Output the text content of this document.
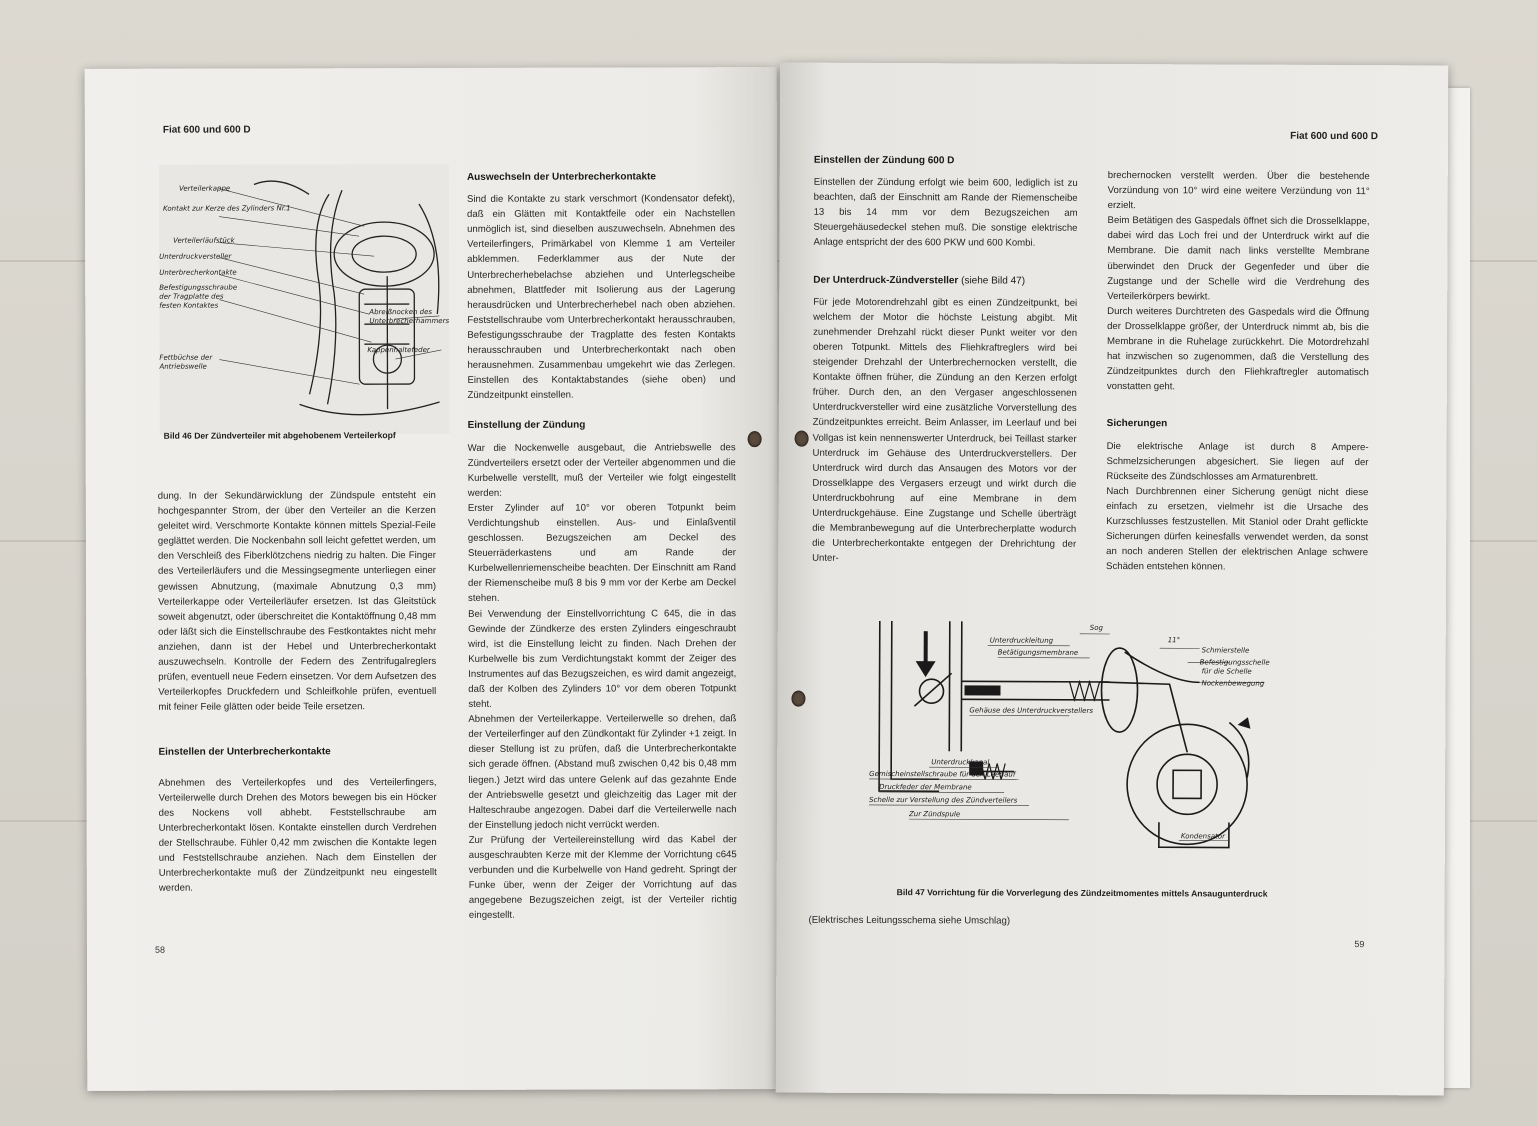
Fiat 600 und 600 D
Verteilerkappe
Kontakt zur Kerze des Zylinders Nr.1
Verteilerläufstück
Unterdruckversteller
Unterbrecherkontakte
Befestigungsschraube
der Tragplatte des
festen Kontaktes
Abreißnocken des
Unterbrecherhammers
Kappenhaltefeder
Fettbüchse der
Antriebswelle
Bild 46 Der Zündverteiler mit abgehobenem Verteilerkopf

dung. In der Sekundärwicklung der Zündspule entsteht ein hochgespannter Strom, der über den Verteiler an die Kerzen geleitet wird. Verschmorte Kontakte können mittels Spezial-Feile geglättet werden. Die Nockenbahn soll leicht gefettet werden, um den Verschleiß des Fiberklötzchens niedrig zu halten. Die Finger des Verteilerläufers und die Messingsegmente unterliegen einer gewissen Abnutzung, (maximale Abnutzung 0,3 mm) Verteilerkappe oder Verteilerläufer ersetzen. Ist das Gleitstück soweit abgenutzt, oder überschreitet die Kontaktöffnung 0,48 mm oder läßt sich die Einstellschraube des Festkontaktes nicht mehr anziehen, dann ist der Hebel und Unterbrecherkontakt auszuwechseln. Kontrolle der Federn des Zentrifugalreglers prüfen, eventuell neue Federn einsetzen. Vor dem Aufsetzen des Verteilerkopfes Druckfedern und Schleifkohle prüfen, eventuell mit feiner Feile glätten oder beide Teile ersetzen.

Einstellen der Unterbrecherkontakte

Abnehmen des Verteilerkopfes und des Verteilerfingers, Verteilerwelle durch Drehen des Motors bewegen bis ein Höcker des Nockens voll abhebt. Feststellschraube am Unterbrecherkontakt lösen. Kontakte einstellen durch Verdrehen der Stellschraube. Fühler 0,42 mm zwischen die Kontakte legen und Feststellschraube anziehen. Nach dem Einstellen der Unterbrecherkontakte muß der Zündzeitpunkt neu eingestellt werden.

Auswechseln der Unterbrecherkontakte

Sind die Kontakte zu stark verschmort (Kondensator defekt), daß ein Glätten mit Kontaktfeile oder ein Nachstellen unmöglich ist, sind dieselben auszuwechseln. Abnehmen des Verteilerfingers, Primärkabel von Klemme 1 am Verteiler abklemmen. Federklammer aus der Nute der Unterbrecherhebelachse abziehen und Unterlegscheibe abnehmen, Blattfeder mit Isolierung aus der Lagerung herausdrücken und Unterbrecherhebel nach oben abziehen. Feststellschraube vom Unterbrecherkontakt herausschrauben, Befestigungsschraube der Tragplatte des festen Kontakts herausschrauben und Unterbrecherkontakt nach oben herausnehmen. Zusammenbau umgekehrt wie das Zerlegen. Einstellen des Kontaktabstandes (siehe oben) und Zündzeitpunkt einstellen.

Einstellung der Zündung

War die Nockenwelle ausgebaut, die Antriebswelle des Zündverteilers ersetzt oder der Verteiler abgenommen und die Kurbelwelle verstellt, muß der Verteiler wie folgt eingestellt werden:

Erster Zylinder auf 10° vor oberen Totpunkt beim Verdichtungshub einstellen. Aus- und Einlaßventil geschlossen. Bezugszeichen am Deckel des Steuerräderkastens und am Rande der Kurbelwellenriemenscheibe beachten. Der Einschnitt am Rand der Riemenscheibe muß 8 bis 9 mm vor der Kerbe am Deckel stehen.

Bei Verwendung der Einstellvorrichtung C 645, die in das Gewinde der Zündkerze des ersten Zylinders eingeschraubt wird, ist die Einstellung leicht zu finden. Nach Drehen der Kurbelwelle bis zum Verdichtungstakt kommt der Zeiger des Instrumentes auf das Bezugszeichen, es wird damit angezeigt, daß der Kolben des Zylinders 10° vor dem oberen Totpunkt steht.

Abnehmen der Verteilerkappe. Verteilerwelle so drehen, daß der Verteilerfinger auf den Zündkontakt für Zylinder +1 zeigt. In dieser Stellung ist zu prüfen, daß die Unterbrecherkontakte sich gerade öffnen. (Abstand muß zwischen 0,42 bis 0,48 mm liegen.) Jetzt wird das untere Gelenk auf das gezahnte Ende der Antriebswelle gesetzt und gleichzeitig das Lager mit der Halteschraube angezogen. Dabei darf die Verteilerwelle nach der Einstellung jedoch nicht verrückt werden.

Zur Prüfung der Verteilereinstellung wird das Kabel der ausgeschraubten Kerze mit der Klemme der Vorrichtung c645 verbunden und die Kurbelwelle von Hand gedreht. Springt der Funke über, wenn der Zeiger der Vorrichtung auf das angegebene Bezugszeichen zeigt, ist der Verteiler richtig eingestellt.

58
Fiat 600 und 600 D
Einstellen der Zündung 600 D

Einstellen der Zündung erfolgt wie beim 600, lediglich ist zu beachten, daß der Einschnitt am Rande der Riemenscheibe 13 bis 14 mm vor dem Bezugszeichen am Steuergehäusedeckel stehen muß. Die sonstige elektrische Anlage entspricht der des 600 PKW und 600 Kombi.

Der Unterdruck-Zündversteller (siehe Bild 47)

Für jede Motorendrehzahl gibt es einen Zündzeitpunkt, bei welchem der Motor die höchste Leistung abgibt. Mit zunehmender Drehzahl rückt dieser Punkt weiter vor den oberen Totpunkt. Mittels des Fliehkraftreglers wird bei steigender Drehzahl der Unterbrechernocken verstellt, die Kontakte öffnen früher, die Zündung an den Kerzen erfolgt früher. Durch den, an den Vergaser angeschlossenen Unterdruckversteller wird eine zusätzliche Vorverstellung des Zündzeitpunktes erreicht. Beim Anlasser, im Leerlauf und bei Vollgas ist kein nennenswerter Unterdruck, bei Teillast starker Unterdruck im Gehäuse des Unterdruckverstellers. Der Unterdruck wird durch das Ansaugen des Motors vor der Drosselklappe des Vergasers erzeugt und wirkt durch die Unterdruckbohrung auf eine Membrane in dem Unterdruckgehäuse. Eine Zugstange und Schelle überträgt die Membranbewegung auf die Unterbrecherplatte wodurch die Unterbrecherkontakte entgegen der Drehrichtung der Unter-

brechernocken verstellt werden. Über die bestehende Vorzündung von 10° wird eine weitere Verzündung von 11° erzielt.

Beim Betätigen des Gaspedals öffnet sich die Drosselklappe, dabei wird das Loch frei und der Unterdruck wirkt auf die Membrane. Die damit nach links verstellte Membrane überwindet den Druck der Gegenfeder und über die Zugstange und der Schelle wird die Verdrehung des Verteilerkörpers bewirkt.

Durch weiteres Durchtreten des Gaspedals wird die Öffnung der Drosselklappe größer, der Unterdruck nimmt ab, bis die Membrane in die Ruhelage zurückkehrt. Die Motordrehzahl hat inzwischen so zugenommen, daß die Verstellung des Zündzeitpunktes durch den Fliehkraftregler automatisch vonstatten geht.

Sicherungen

Die elektrische Anlage ist durch 8 Ampere-Schmelzsicherungen abgesichert. Sie liegen auf der Rückseite des Zündschlosses am Armaturenbrett.

Nach Durchbrennen einer Sicherung genügt nicht diese einfach zu ersetzen, vielmehr ist die Ursache des Kurzschlusses festzustellen. Mit Staniol oder Draht geflickte Sicherungen dürfen keinesfalls verwendet werden, da sonst an noch anderen Stellen der elektrischen Anlage schwere Schäden entstehen können.

Sog
Unterdruckleitung
Betätigungsmembrane
11°
Schmierstelle
Befestigungsschelle
für die Schelle
Nockenbewegung
Gehäuse des Unterdruckverstellers
Unterdruckkanal
Gemischeinstellschraube für den Leerlauf
Druckfeder der Membrane
Schelle zur Verstellung des Zündverteilers
Zur Zündspule
Kondensator
Bild 47 Vorrichtung für die Vorverlegung des Zündzeitmomentes mittels Ansaugunterdruck
(Elektrisches Leitungsschema siehe Umschlag)
59
